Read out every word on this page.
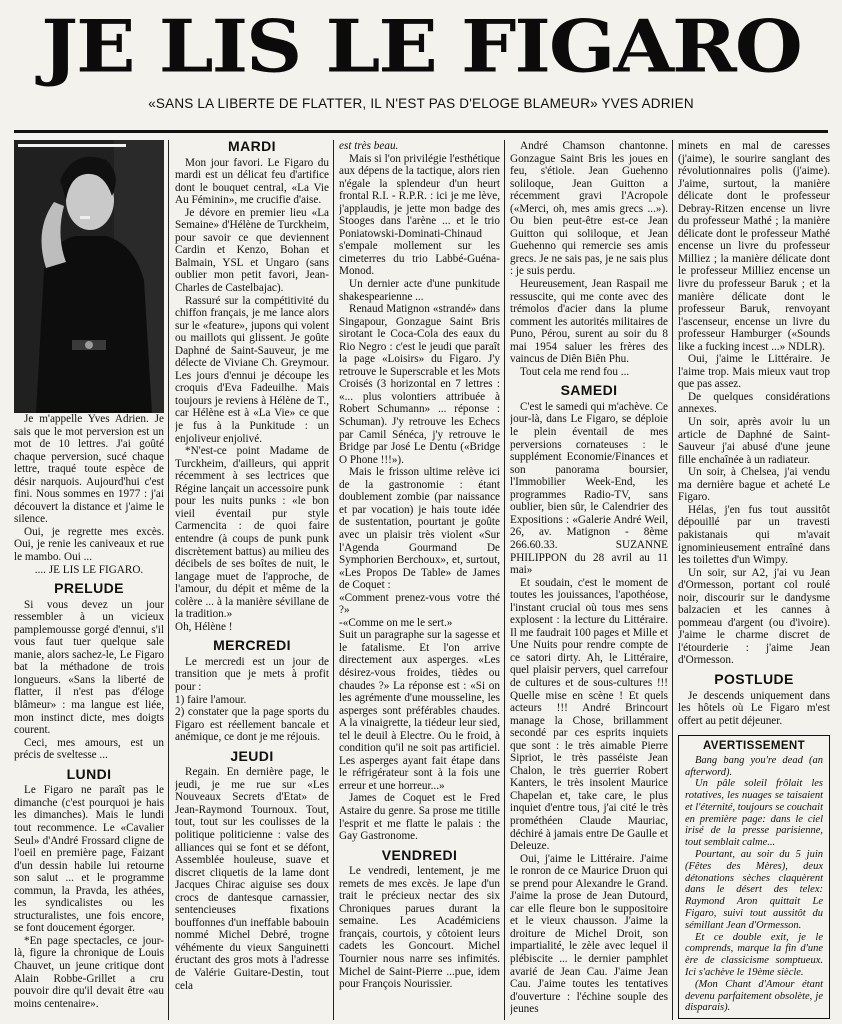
JE LIS LE FIGARO
«SANS LA LIBERTE DE FLATTER, IL N'EST PAS D'ELOGE BLAMEUR» YVES ADRIEN

Je m'appelle Yves Adrien. Je sais que le mot perversion est un mot de 10 lettres. J'ai goûté chaque perversion, sucé chaque lettre, traqué toute espèce de désir narquois. Aujourd'hui c'est fini. Nous sommes en 1977 : j'ai découvert la distance et j'aime le silence.

Oui, je regrette mes excès. Oui, je renie les caniveaux et rue le mambo. Oui ...

.... JE LIS LE FIGARO.

PRELUDE

Si vous devez un jour ressembler à un vicieux pamplemousse gorgé d'ennui, s'il vous faut tuer quelque sale manie, alors sachez-le, Le Figaro bat la méthadone de trois longueurs. «Sans la liberté de flatter, il n'est pas d'éloge blâmeur» : ma langue est liée, mon instinct dicte, mes doigts courent.

Ceci, mes amours, est un précis de sveltesse ...

LUNDI

Le Figaro ne paraît pas le dimanche (c'est pourquoi je hais les dimanches). Mais le lundi tout recommence. Le «Cavalier Seul» d'André Frossard cligne de l'oeil en première page, Faizant d'un dessin habile lui retourne son salut ... et le programme commun, la Pravda, les athées, les syndicalistes ou les structuralistes, une fois encore, se font doucement égorger.

*En page spectacles, ce jour-là, figure la chronique de Louis Chauvet, un jeune critique dont Alain Robbe-Grillet a cru pouvoir dire qu'il devait être «au moins centenaire».

MARDI

Mon jour favori. Le Figaro du mardi est un délicat feu d'artifice dont le bouquet central, «La Vie Au Féminin», me crucifie d'aise.

Je dévore en premier lieu «La Semaine» d'Hélène de Turckheim, pour savoir ce que deviennent Cardin et Kenzo, Bohan et Balmain, YSL et Ungaro (sans oublier mon petit favori, Jean-Charles de Castelbajac).

Rassuré sur la compétitivité du chiffon français, je me lance alors sur le «feature», jupons qui volent ou maillots qui glissent. Je goûte Daphné de Saint-Sauveur, je me délecte de Viviane Ch. Greymour. Les jours d'ennui je découpe les croquis d'Eva Fadeuilhe. Mais toujours je reviens à Hélène de T., car Hélène est à «La Vie» ce que je fus à la Punkitude : un enjoliveur enjolivé.

*N'est-ce point Madame de Turckheim, d'ailleurs, qui apprit récemment à ses lectrices que Régine lançait un accessoire punk pour les nuits punks : «le bon vieil éventail pur style Carmencita : de quoi faire entendre (à coups de punk punk discrètement battus) au milieu des décibels de ses boîtes de nuit, le langage muet de l'approche, de l'amour, du dépit et même de la colère ... à la manière sévillane de la tradition.»

Oh, Hélène !

MERCREDI

Le mercredi est un jour de transition que je mets à profit pour :

1) faire l'amour.

2) constater que la page sports du Figaro est réellement bancale et anémique, ce dont je me réjouis.

JEUDI

Regain. En dernière page, le jeudi, je me rue sur «Les Nouveaux Secrets d'Etat» de Jean-Raymond Tournoux. Tout, tout, tout sur les coulisses de la politique politicienne : valse des alliances qui se font et se défont, Assemblée houleuse, suave et discret cliquetis de la lame dont Jacques Chirac aiguise ses doux crocs de dantesque carnassier, sentencieuses fixations bouffonnes d'un ineffable babouin nommé Michel Debré, trogne véhémente du vieux Sanguinetti éructant des gros mots à l'adresse de Valérie Guitare-Destin, tout cela

est très beau.

Mais si l'on privilégie l'esthétique aux dépens de la tactique, alors rien n'égale la splendeur d'un heurt frontal R.I. - R.P.R. : ici je me lève, j'applaudis, je jette mon badge des Stooges dans l'arène ... et le trio Poniatowski-Dominati-Chinaud s'empale mollement sur les cimeterres du trio Labbé-Guéna-Monod.

Un dernier acte d'une punkitude shakespearienne ...

Renaud Matignon «strandé» dans Singapour, Gonzague Saint Bris sirotant le Coca-Cola des eaux du Rio Negro : c'est le jeudi que paraît la page «Loisirs» du Figaro. J'y retrouve le Superscrable et les Mots Croisés (3 horizontal en 7 lettres : «... plus volontiers attribuée à Robert Schumann» ... réponse : Schuman). J'y retrouve les Echecs par Camil Sénéca, j'y retrouve le Bridge par José Le Dentu («Bridge O Phone !!!»).

Mais le frisson ultime relève ici de la gastronomie : étant doublement zombie (par naissance et par vocation) je hais toute idée de sustentation, pourtant je goûte avec un plaisir très violent «Sur l'Agenda Gourmand De Symphorien Berchoux», et, surtout, «Les Propos De Table» de James de Coquet :

«Comment prenez-vous votre thé ?»

-«Comme on me le sert.»

Suit un paragraphe sur la sagesse et le fatalisme. Et l'on arrive directement aux asperges. «Les désirez-vous froides, tièdes ou chaudes ?» La réponse est : «Si on les agrémente d'une mousseline, les asperges sont préférables chaudes. A la vinaigrette, la tiédeur leur sied, tel le deuil à Electre. Ou le froid, à condition qu'il ne soit pas artificiel. Les asperges ayant fait étape dans le réfrigérateur sont à la fois une erreur et une horreur...»

James de Coquet est le Fred Astaire du genre. Sa prose me titille l'esprit et me flatte le palais : the Gay Gastronome.

VENDREDI

Le vendredi, lentement, je me remets de mes excès. Je lape d'un trait le précieux nectar des six Chroniques parues durant la semaine. Les Académiciens français, courtois, y côtoient leurs cadets les Goncourt. Michel Tournier nous narre ses infimités. Michel de Saint-Pierre ...pue, idem pour François Nourissier.

André Chamson chantonne. Gonzague Saint Bris les joues en feu, s'étiole. Jean Guehenno soliloque, Jean Guitton a récemment gravi l'Acropole («Merci, oh, mes amis grecs ...»). Ou bien peut-être est-ce Jean Guitton qui soliloque, et Jean Guehenno qui remercie ses amis grecs. Je ne sais pas, je ne sais plus : je suis perdu.

Heureusement, Jean Raspail me ressuscite, qui me conte avec des trémolos d'acier dans la plume comment les autorités militaires de Puno, Pérou, surent au soir du 8 mai 1954 saluer les frères des vaincus de Diên Biên Phu.

Tout cela me rend fou ...

SAMEDI

C'est le samedi qui m'achève. Ce jour-là, dans Le Figaro, se déploie le plein éventail de mes perversions cornateuses : le supplément Economie/Finances et son panorama boursier, l'Immobilier Week-End, les programmes Radio-TV, sans oublier, bien sûr, le Calendrier des Expositions : «Galerie André Weil, 26, av. Matignon - 8ème 266.60.33. SUZANNE PHILIPPON du 28 avril au 11 mai»

Et soudain, c'est le moment de toutes les jouissances, l'apothéose, l'instant crucial où tous mes sens explosent : la lecture du Littéraire. Il me faudrait 100 pages et Mille et Une Nuits pour rendre compte de ce satori dirty. Ah, le Littéraire, quel plaisir pervers, quel carrefour de cultures et de sous-cultures !!! Quelle mise en scène ! Et quels acteurs !!! André Brincourt manage la Chose, brillamment secondé par ces esprits inquiets que sont : le très aimable Pierre Sipriot, le très passéiste Jean Chalon, le très guerrier Robert Kanters, le très insolent Maurice Chapelan et, take care, le plus inquiet d'entre tous, j'ai cité le très prométhéen Claude Mauriac, déchiré à jamais entre De Gaulle et Deleuze.

Oui, j'aime le Littéraire. J'aime le ronron de ce Maurice Druon qui se prend pour Alexandre le Grand. J'aime la prose de Jean Dutourd, car elle fleure bon le suppositoire et le vieux chausson. J'aime la droiture de Michel Droit, son impartialité, le zèle avec lequel il plébiscite ... le dernier pamphlet avarié de Jean Cau. J'aime Jean Cau. J'aime toutes les tentatives d'ouverture : l'échine souple des jeunes

minets en mal de caresses (j'aime), le sourire sanglant des révolutionnaires polis (j'aime). J'aime, surtout, la manière délicate dont le professeur Debray-Ritzen encense un livre du professeur Mathé ; la manière délicate dont le professeur Mathé encense un livre du professeur Milliez ; la manière délicate dont le professeur Milliez encense un livre du professeur Baruk ; et la manière délicate dont le professeur Baruk, renvoyant l'ascenseur, encense un livre du professeur Hamburger («Sounds like a fucking incest ...» NDLR).

Oui, j'aime le Littéraire. Je l'aime trop. Mais mieux vaut trop que pas assez.

De quelques considérations annexes.

Un soir, après avoir lu un article de Daphné de Saint-Sauveur j'ai abusé d'une jeune fille enchaînée à un radiateur.

Un soir, à Chelsea, j'ai vendu ma dernière bague et acheté Le Figaro.

Hélas, j'en fus tout aussitôt dépouillé par un travesti pakistanais qui m'avait ignominieusement entraîné dans les toilettes d'un Wimpy.

Un soir, sur A2, j'ai vu Jean d'Ormesson, portant col roulé noir, discourir sur le dandysme balzacien et les cannes à pommeau d'argent (ou d'ivoire). J'aime le charme discret de l'étourderie : j'aime Jean d'Ormesson.

POSTLUDE

Je descends uniquement dans les hôtels où Le Figaro m'est offert au petit déjeuner.

AVERTISSEMENT

Bang bang you're dead (an afterword).

Un pâle soleil frôlait les rotatives, les nuages se taisaient et l'éternité, toujours se couchait en première page: dans le ciel irisé de la presse parisienne, tout semblait calme...

Pourtant, au soir du 5 juin (Fêtes des Mères), deux détonations sèches claquèrent dans le désert des telex: Raymond Aron quittait Le Figaro, suivi tout aussitôt du sémillant Jean d'Ormesson.

Et ce double exit, je le comprends, marque la fin d'une ère de classicisme somptueux. Ici s'achève le 19ème siècle.

(Mon Chant d'Amour étant devenu parfaitement obsolète, je disparais).
